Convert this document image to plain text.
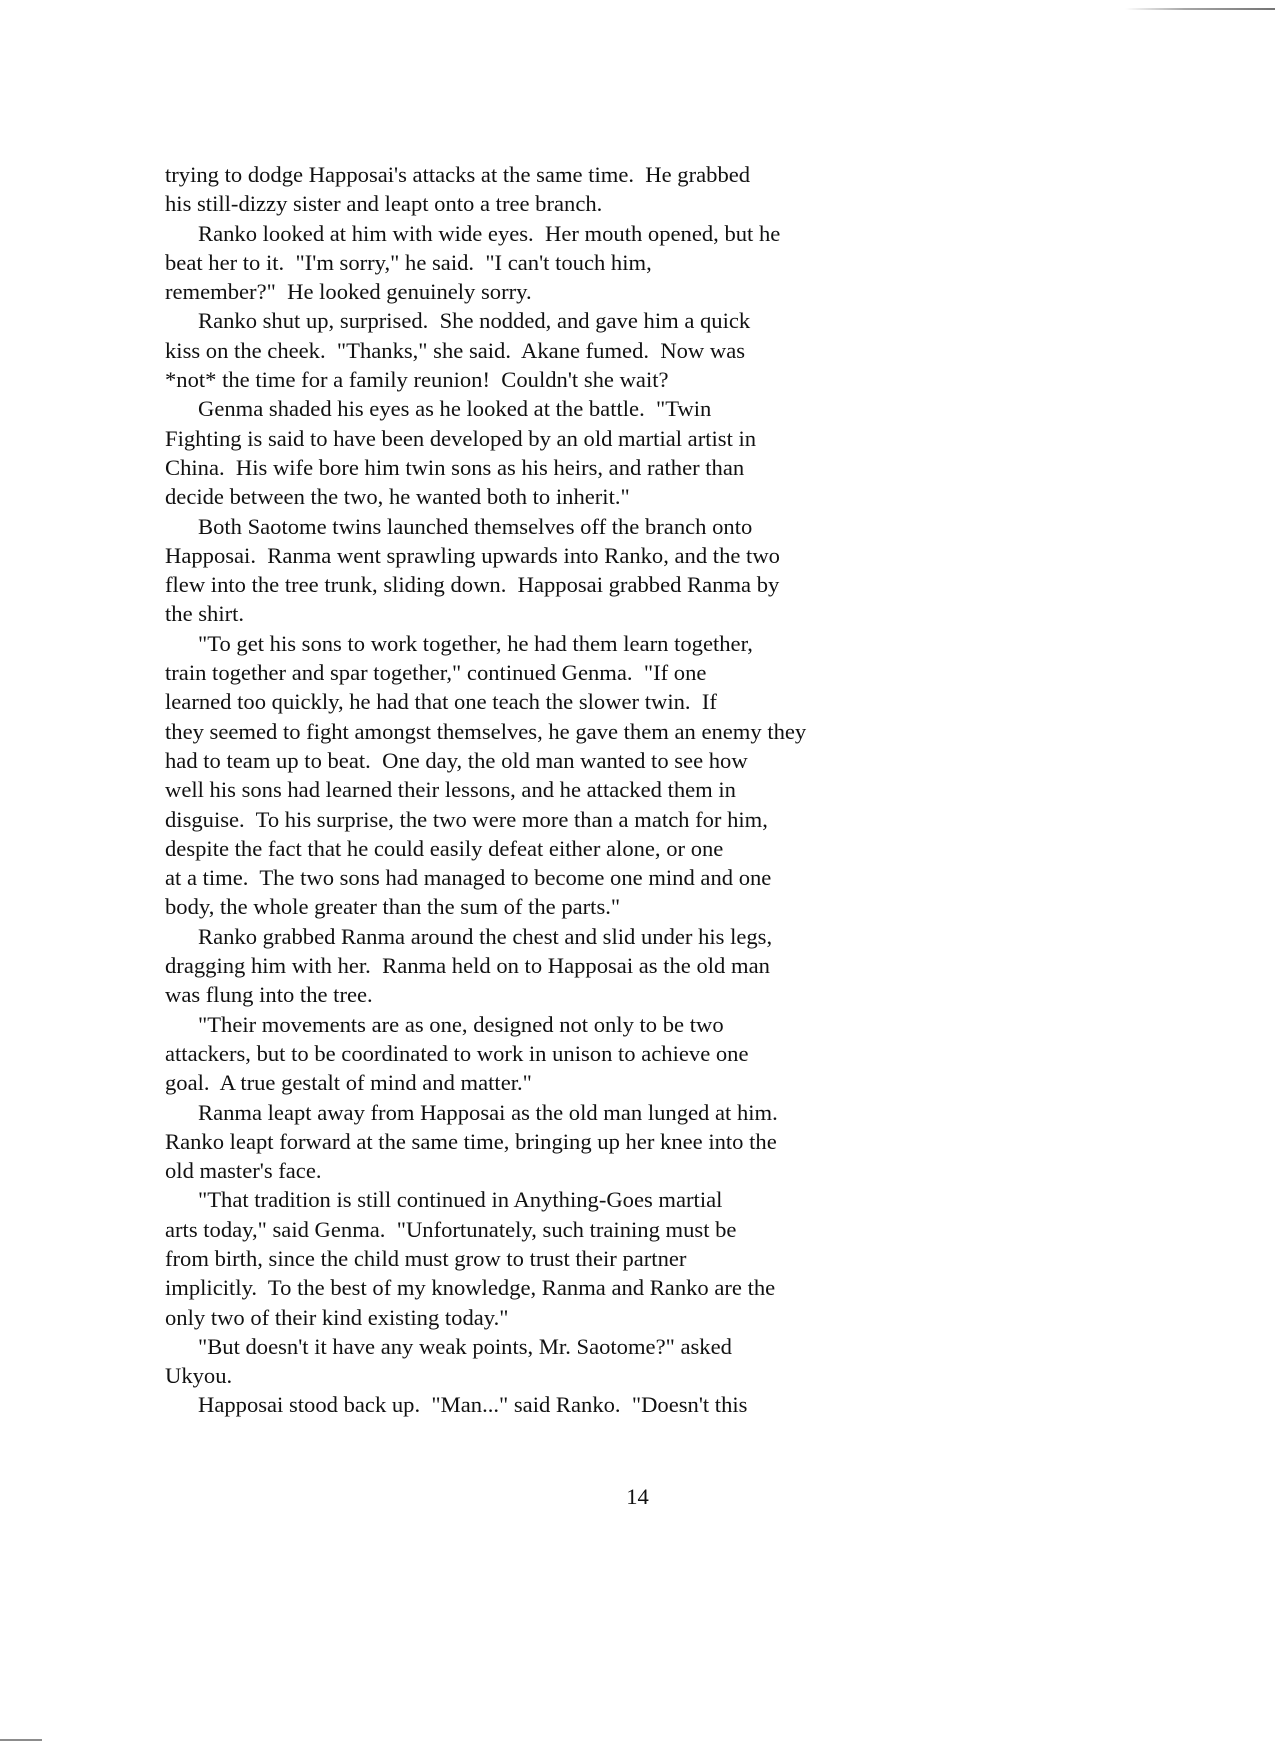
trying to dodge Happosai's attacks at the same time.  He grabbed
his still-dizzy sister and leapt onto a tree branch.
Ranko looked at him with wide eyes.  Her mouth opened, but he
beat her to it.  "I'm sorry," he said.  "I can't touch him,
remember?"  He looked genuinely sorry.
Ranko shut up, surprised.  She nodded, and gave him a quick
kiss on the cheek.  "Thanks," she said.  Akane fumed.  Now was
*not* the time for a family reunion!  Couldn't she wait?
Genma shaded his eyes as he looked at the battle.  "Twin
Fighting is said to have been developed by an old martial artist in
China.  His wife bore him twin sons as his heirs, and rather than
decide between the two, he wanted both to inherit."
Both Saotome twins launched themselves off the branch onto
Happosai.  Ranma went sprawling upwards into Ranko, and the two
flew into the tree trunk, sliding down.  Happosai grabbed Ranma by
the shirt.
"To get his sons to work together, he had them learn together,
train together and spar together," continued Genma.  "If one
learned too quickly, he had that one teach the slower twin.  If
they seemed to fight amongst themselves, he gave them an enemy they
had to team up to beat.  One day, the old man wanted to see how
well his sons had learned their lessons, and he attacked them in
disguise.  To his surprise, the two were more than a match for him,
despite the fact that he could easily defeat either alone, or one
at a time.  The two sons had managed to become one mind and one
body, the whole greater than the sum of the parts."
Ranko grabbed Ranma around the chest and slid under his legs,
dragging him with her.  Ranma held on to Happosai as the old man
was flung into the tree.
"Their movements are as one, designed not only to be two
attackers, but to be coordinated to work in unison to achieve one
goal.  A true gestalt of mind and matter."
Ranma leapt away from Happosai as the old man lunged at him.
Ranko leapt forward at the same time, bringing up her knee into the
old master's face.
"That tradition is still continued in Anything-Goes martial
arts today," said Genma.  "Unfortunately, such training must be
from birth, since the child must grow to trust their partner
implicitly.  To the best of my knowledge, Ranma and Ranko are the
only two of their kind existing today."
"But doesn't it have any weak points, Mr. Saotome?" asked
Ukyou.
Happosai stood back up.  "Man..." said Ranko.  "Doesn't this
14
